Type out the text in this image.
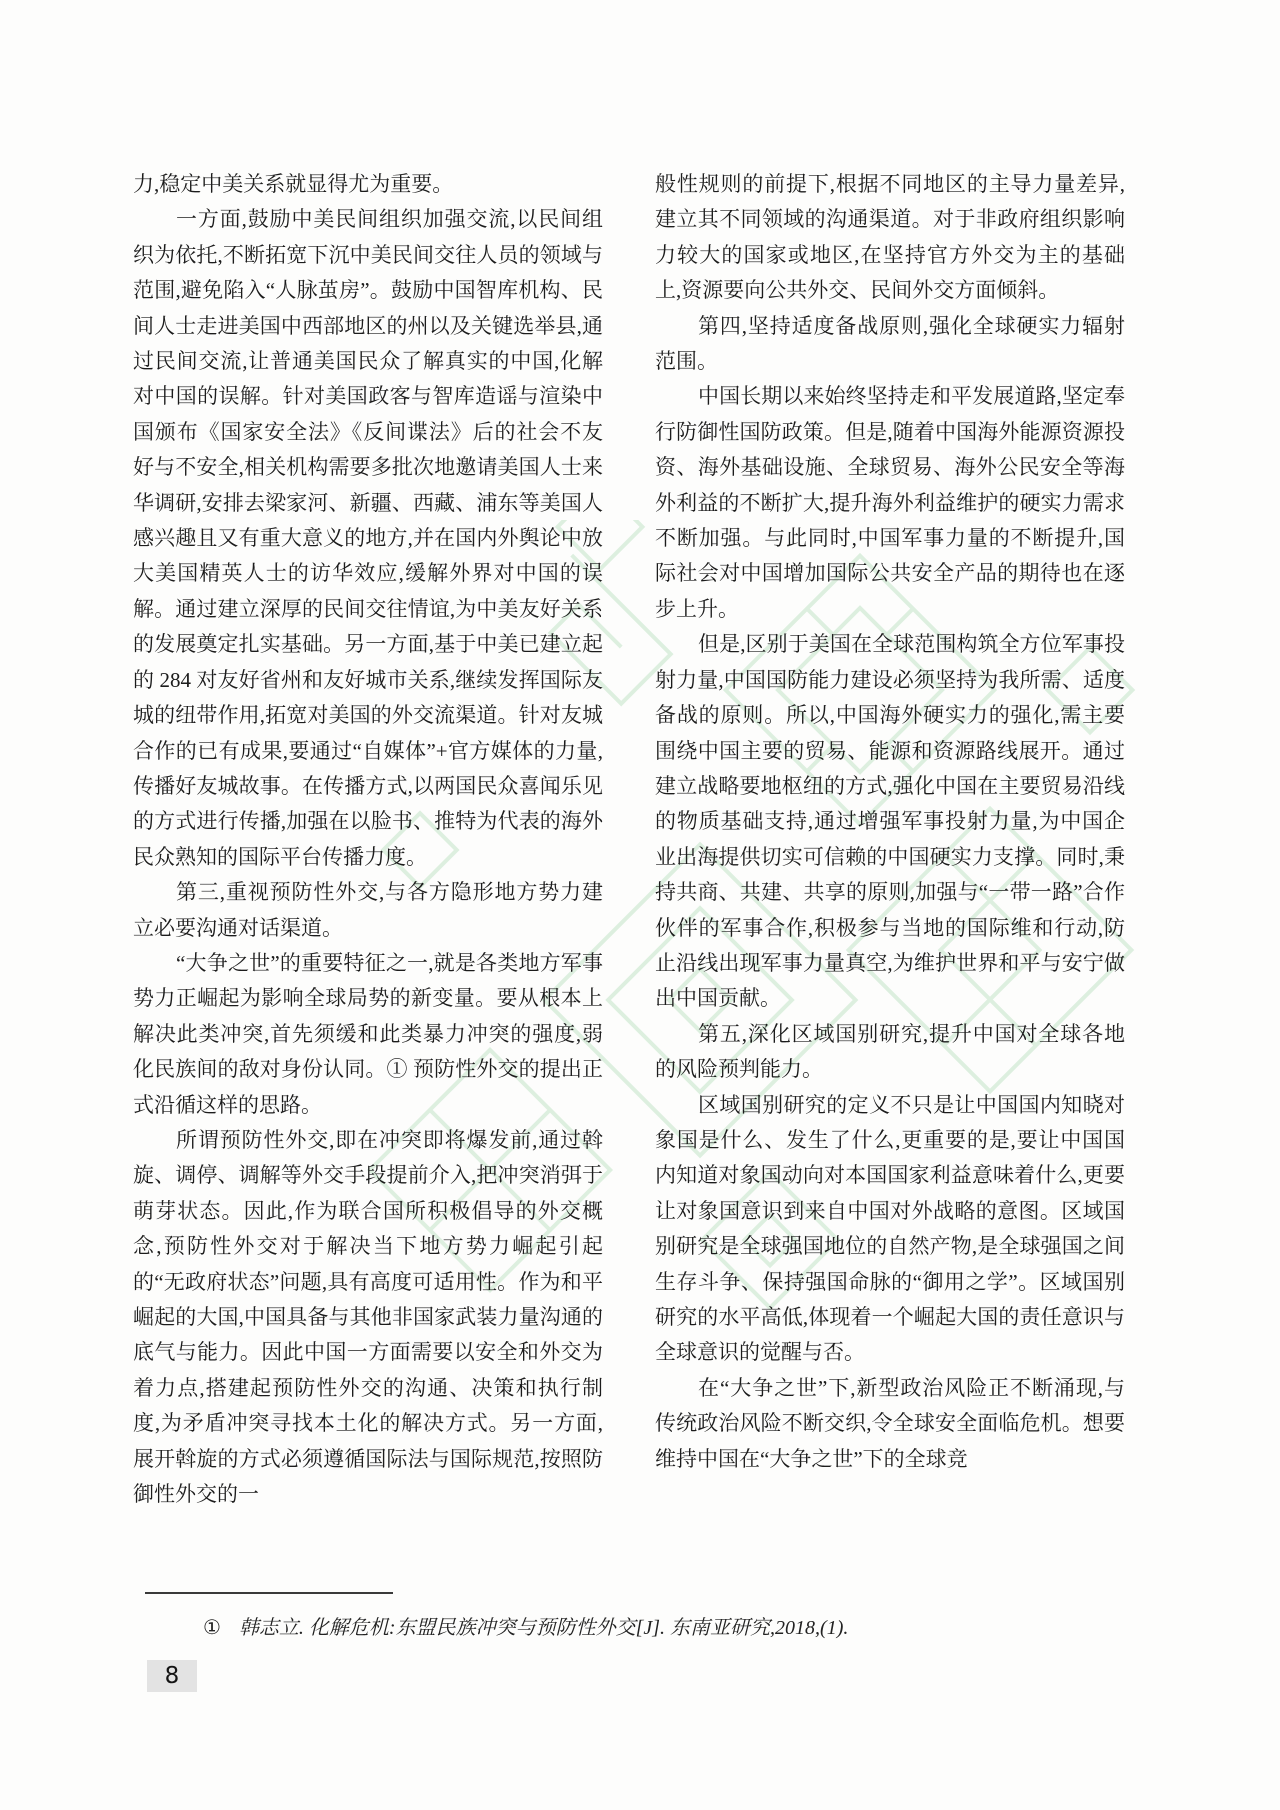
力,稳定中美关系就显得尤为重要。

一方面,鼓励中美民间组织加强交流,以民间组织为依托,不断拓宽下沉中美民间交往人员的领域与范围,避免陷入“人脉茧房”。鼓励中国智库机构、民间人士走进美国中西部地区的州以及关键选举县,通过民间交流,让普通美国民众了解真实的中国,化解对中国的误解。针对美国政客与智库造谣与渲染中国颁布《国家安全法》《反间谍法》后的社会不友好与不安全,相关机构需要多批次地邀请美国人士来华调研,安排去梁家河、新疆、西藏、浦东等美国人感兴趣且又有重大意义的地方,并在国内外舆论中放大美国精英人士的访华效应,缓解外界对中国的误解。通过建立深厚的民间交往情谊,为中美友好关系的发展奠定扎实基础。另一方面,基于中美已建立起的 284 对友好省州和友好城市关系,继续发挥国际友城的纽带作用,拓宽对美国的外交流渠道。针对友城合作的已有成果,要通过“自媒体”+官方媒体的力量,传播好友城故事。在传播方式,以两国民众喜闻乐见的方式进行传播,加强在以脸书、推特为代表的海外民众熟知的国际平台传播力度。

第三,重视预防性外交,与各方隐形地方势力建立必要沟通对话渠道。

“大争之世”的重要特征之一,就是各类地方军事势力正崛起为影响全球局势的新变量。要从根本上解决此类冲突,首先须缓和此类暴力冲突的强度,弱化民族间的敌对身份认同。① 预防性外交的提出正式沿循这样的思路。

所谓预防性外交,即在冲突即将爆发前,通过斡旋、调停、调解等外交手段提前介入,把冲突消弭于萌芽状态。因此,作为联合国所积极倡导的外交概念,预防性外交对于解决当下地方势力崛起引起的“无政府状态”问题,具有高度可适用性。作为和平崛起的大国,中国具备与其他非国家武装力量沟通的底气与能力。因此中国一方面需要以安全和外交为着力点,搭建起预防性外交的沟通、决策和执行制度,为矛盾冲突寻找本土化的解决方式。另一方面,展开斡旋的方式必须遵循国际法与国际规范,按照防御性外交的一

般性规则的前提下,根据不同地区的主导力量差异,建立其不同领域的沟通渠道。对于非政府组织影响力较大的国家或地区,在坚持官方外交为主的基础上,资源要向公共外交、民间外交方面倾斜。

第四,坚持适度备战原则,强化全球硬实力辐射范围。

中国长期以来始终坚持走和平发展道路,坚定奉行防御性国防政策。但是,随着中国海外能源资源投资、海外基础设施、全球贸易、海外公民安全等海外利益的不断扩大,提升海外利益维护的硬实力需求不断加强。与此同时,中国军事力量的不断提升,国际社会对中国增加国际公共安全产品的期待也在逐步上升。

但是,区别于美国在全球范围构筑全方位军事投射力量,中国国防能力建设必须坚持为我所需、适度备战的原则。所以,中国海外硬实力的强化,需主要围绕中国主要的贸易、能源和资源路线展开。通过建立战略要地枢纽的方式,强化中国在主要贸易沿线的物质基础支持,通过增强军事投射力量,为中国企业出海提供切实可信赖的中国硬实力支撑。同时,秉持共商、共建、共享的原则,加强与“一带一路”合作伙伴的军事合作,积极参与当地的国际维和行动,防止沿线出现军事力量真空,为维护世界和平与安宁做出中国贡献。

第五,深化区域国别研究,提升中国对全球各地的风险预判能力。

区域国别研究的定义不只是让中国国内知晓对象国是什么、发生了什么,更重要的是,要让中国国内知道对象国动向对本国国家利益意味着什么,更要让对象国意识到来自中国对外战略的意图。区域国别研究是全球强国地位的自然产物,是全球强国之间生存斗争、保持强国命脉的“御用之学”。区域国别研究的水平高低,体现着一个崛起大国的责任意识与全球意识的觉醒与否。

在“大争之世”下,新型政治风险正不断涌现,与传统政治风险不断交织,令全球安全面临危机。想要维持中国在“大争之世”下的全球竞

① 韩志立. 化解危机:东盟民族冲突与预防性外交[J]. 东南亚研究,2018,(1).
8
